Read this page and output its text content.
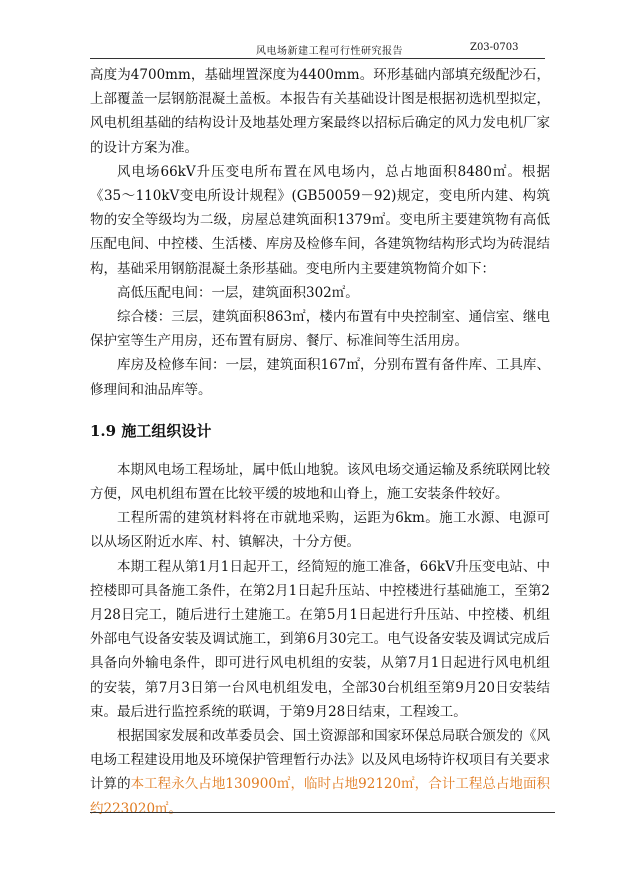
风电场新建工程可行性研究报告	Z03-0703

高度为4700mm，基础埋置深度为4400mm。环形基础内部填充级配沙石，上部覆盖一层钢筋混凝土盖板。本报告有关基础设计图是根据初选机型拟定，风电机组基础的结构设计及地基处理方案最终以招标后确定的风力发电机厂家的设计方案为准。

风电场66kV升压变电所布置在风电场内，总占地面积8480㎡。根据《35～110kV变电所设计规程》(GB50059－92)规定，变电所内建、构筑物的安全等级均为二级，房屋总建筑面积1379㎡。变电所主要建筑物有高低压配电间、中控楼、生活楼、库房及检修车间，各建筑物结构形式均为砖混结构，基础采用钢筋混凝土条形基础。变电所内主要建筑物简介如下：

高低压配电间：一层，建筑面积302㎡。

综合楼：三层，建筑面积863㎡，楼内布置有中央控制室、通信室、继电保护室等生产用房，还布置有厨房、餐厅、标准间等生活用房。

库房及检修车间：一层，建筑面积167㎡，分别布置有备件库、工具库、修理间和油品库等。

1.9 施工组织设计

本期风电场工程场址，属中低山地貌。该风电场交通运输及系统联网比较方便，风电机组布置在比较平缓的坡地和山脊上，施工安装条件较好。

工程所需的建筑材料将在市就地采购，运距为6km。施工水源、电源可以从场区附近水库、村、镇解决，十分方便。

本期工程从第1月1日起开工，经简短的施工准备，66kV升压变电站、中控楼即可具备施工条件，在第2月1日起升压站、中控楼进行基础施工，至第2月28日完工，随后进行土建施工。在第5月1日起进行升压站、中控楼、机组外部电气设备安装及调试施工，到第6月30完工。电气设备安装及调试完成后具备向外输电条件，即可进行风电机组的安装，从第7月1日起进行风电机组的安装，第7月3日第一台风电机组发电，全部30台机组至第9月20日安装结束。最后进行监控系统的联调，于第9月28日结束，工程竣工。

根据国家发展和改革委员会、国土资源部和国家环保总局联合颁发的《风电场工程建设用地及环境保护管理暂行办法》以及风电场特许权项目有关要求计算的本工程永久占地130900㎡，临时占地92120㎡，合计工程总占地面积约223020㎡。
